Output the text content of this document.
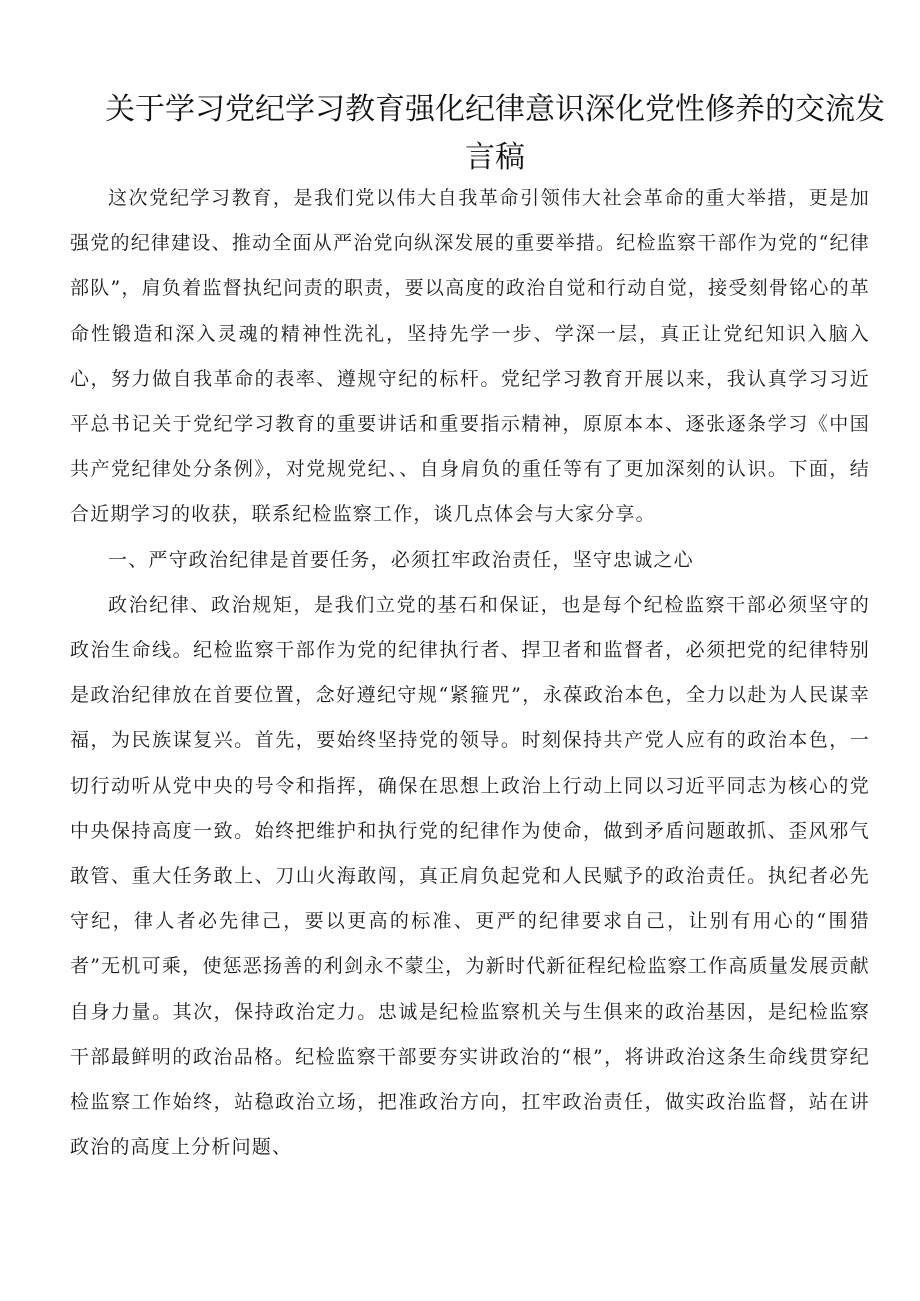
关于学习党纪学习教育强化纪律意识深化党性修养的交流发言稿

这次党纪学习教育，是我们党以伟大自我革命引领伟大社会革命的重大举措，更是加强党的纪律建设、推动全面从严治党向纵深发展的重要举措。纪检监察干部作为党的“纪律部队”，肩负着监督执纪问责的职责，要以高度的政治自觉和行动自觉，接受刻骨铭心的革命性锻造和深入灵魂的精神性洗礼，坚持先学一步、学深一层，真正让党纪知识入脑入心，努力做自我革命的表率、遵规守纪的标杆。党纪学习教育开展以来，我认真学习习近平总书记关于党纪学习教育的重要讲话和重要指示精神，原原本本、逐张逐条学习《中国共产党纪律处分条例》，对党规党纪、、自身肩负的重任等有了更加深刻的认识。下面，结合近期学习的收获，联系纪检监察工作，谈几点体会与大家分享。

一、严守政治纪律是首要任务，必须扛牢政治责任，坚守忠诚之心

政治纪律、政治规矩，是我们立党的基石和保证，也是每个纪检监察干部必须坚守的政治生命线。纪检监察干部作为党的纪律执行者、捍卫者和监督者，必须把党的纪律特别是政治纪律放在首要位置，念好遵纪守规“紧箍咒”，永葆政治本色，全力以赴为人民谋幸福，为民族谋复兴。首先，要始终坚持党的领导。时刻保持共产党人应有的政治本色，一切行动听从党中央的号令和指挥，确保在思想上政治上行动上同以习近平同志为核心的党中央保持高度一致。始终把维护和执行党的纪律作为使命，做到矛盾问题敢抓、歪风邪气敢管、重大任务敢上、刀山火海敢闯，真正肩负起党和人民赋予的政治责任。执纪者必先守纪，律人者必先律己，要以更高的标准、更严的纪律要求自己，让别有用心的“围猎者”无机可乘，使惩恶扬善的利剑永不蒙尘，为新时代新征程纪检监察工作高质量发展贡献自身力量。其次，保持政治定力。忠诚是纪检监察机关与生俱来的政治基因，是纪检监察干部最鲜明的政治品格。纪检监察干部要夯实讲政治的“根”，将讲政治这条生命线贯穿纪检监察工作始终，站稳政治立场，把准政治方向，扛牢政治责任，做实政治监督，站在讲政治的高度上分析问题、
